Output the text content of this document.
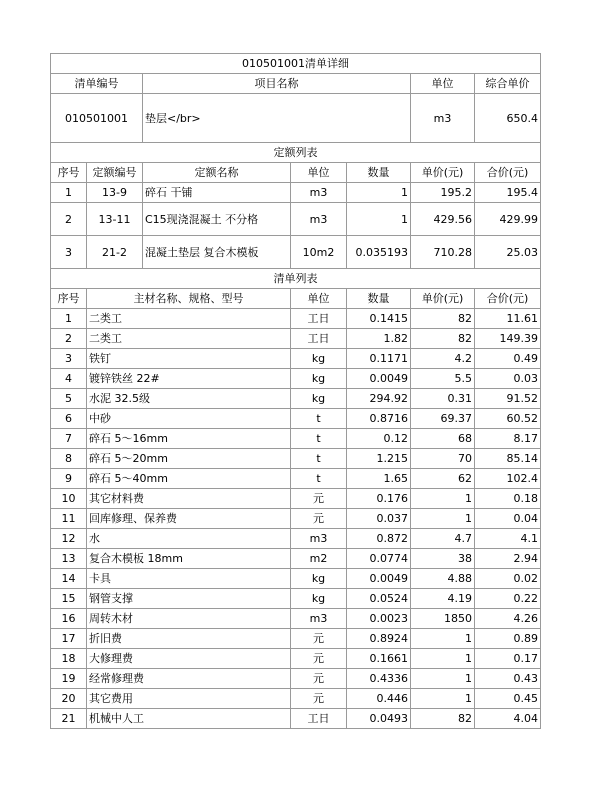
010501001清单详细						
清单编号		项目名称			单位	综合单价
010501001		垫层</br>			m3	650.4
定额列表						
序号	定额编号	定额名称	单位	数量	单价(元)	合价(元)
1	13-9	碎石 干铺	m3	1	195.2	195.4
2	13-11	C15现浇混凝土 不分格	m3	1	429.56	429.99
3	21-2	混凝土垫层 复合木模板	10m2	0.035193	710.28	25.03
清单列表						
序号	主材名称、规格、型号		单位	数量	单价(元)	合价(元)
1	二类工		工日	0.1415	82	11.61
2	二类工		工日	1.82	82	149.39
3	铁钉		kg	0.1171	4.2	0.49
4	镀锌铁丝 22#		kg	0.0049	5.5	0.03
5	水泥 32.5级		kg	294.92	0.31	91.52
6	中砂		t	0.8716	69.37	60.52
7	碎石 5～16mm		t	0.12	68	8.17
8	碎石 5～20mm		t	1.215	70	85.14
9	碎石 5～40mm		t	1.65	62	102.4
10	其它材料费		元	0.176	1	0.18
11	回库修理、保养费		元	0.037	1	0.04
12	水		m3	0.872	4.7	4.1
13	复合木模板 18mm		m2	0.0774	38	2.94
14	卡具		kg	0.0049	4.88	0.02
15	钢管支撑		kg	0.0524	4.19	0.22
16	周转木材		m3	0.0023	1850	4.26
17	折旧费		元	0.8924	1	0.89
18	大修理费		元	0.1661	1	0.17
19	经常修理费		元	0.4336	1	0.43
20	其它费用		元	0.446	1	0.45
21	机械中人工		工日	0.0493	82	4.04
